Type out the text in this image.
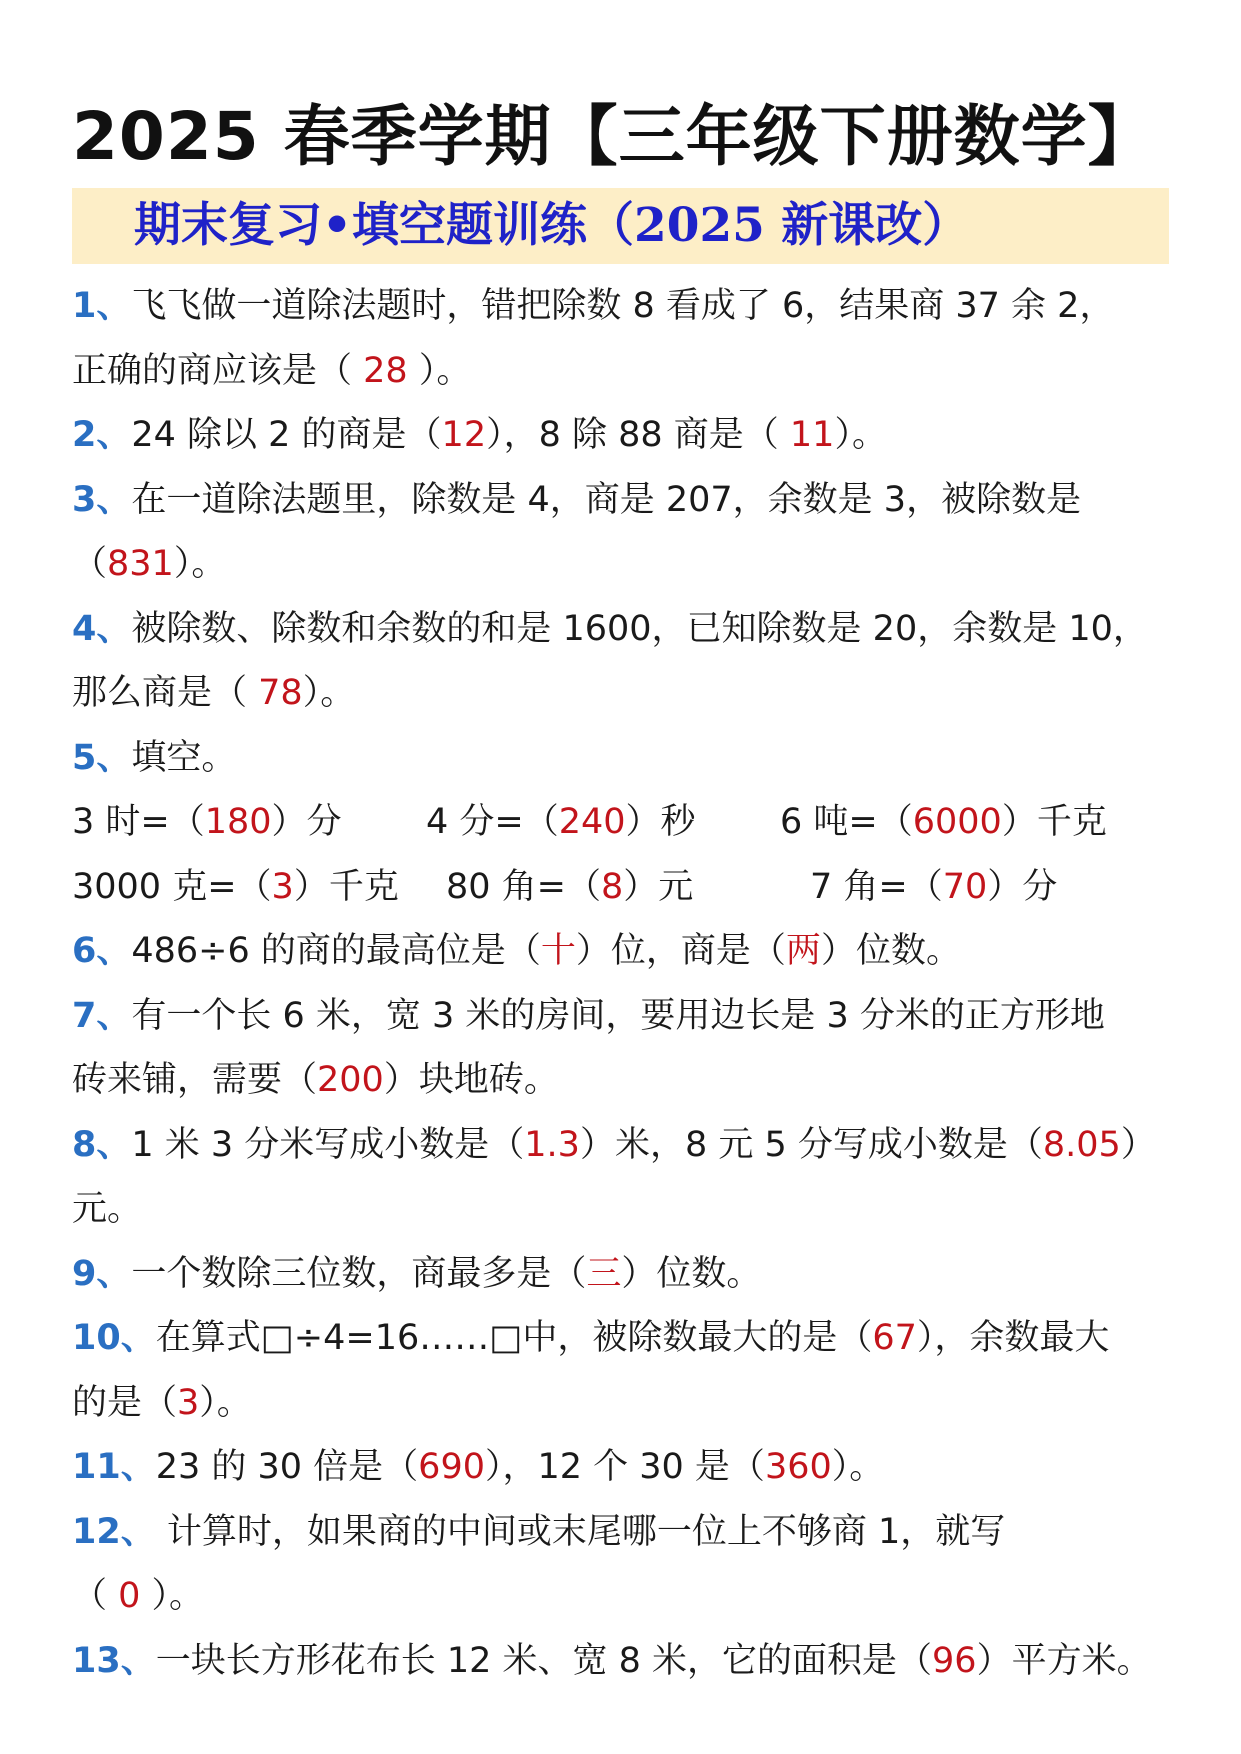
2025 春季学期【三年级下册数学】
期末复习•填空题训练（2025 新课改）
1、飞飞做一道除法题时，错把除数 8 看成了 6，结果商 37 余 2，
正确的商应该是（ 28 ）。
2、24 除以 2 的商是（12），8 除 88 商是（ 11）。
3、在一道除法题里，除数是 4，商是 207，余数是 3，被除数是
（831）。
4、被除数、除数和余数的和是 1600，已知除数是 20，余数是 10，
那么商是（ 78）。
5、填空。
3 时=（180）分 4 分=（240）秒 6 吨=（6000）千克
3000 克=（3）千克 80 角=（8）元	7 角=（70）分
6、486÷6 的商的最高位是（十）位，商是（两）位数。
7、有一个长 6 米，宽 3 米的房间，要用边长是 3 分米的正方形地
砖来铺，需要（200）块地砖。
8、1 米 3 分米写成小数是（1.3）米，8 元 5 分写成小数是（8.05）
元。
9、一个数除三位数，商最多是（三）位数。
10、在算式□÷4=16……□中，被除数最大的是（67），余数最大
的是（3）。
11、23 的 30 倍是（690），12 个 30 是（360）。
12、 计算时，如果商的中间或末尾哪一位上不够商 1，就写
（ 0 ）。
13、一块长方形花布长 12 米、宽 8 米，它的面积是（96）平方米。
